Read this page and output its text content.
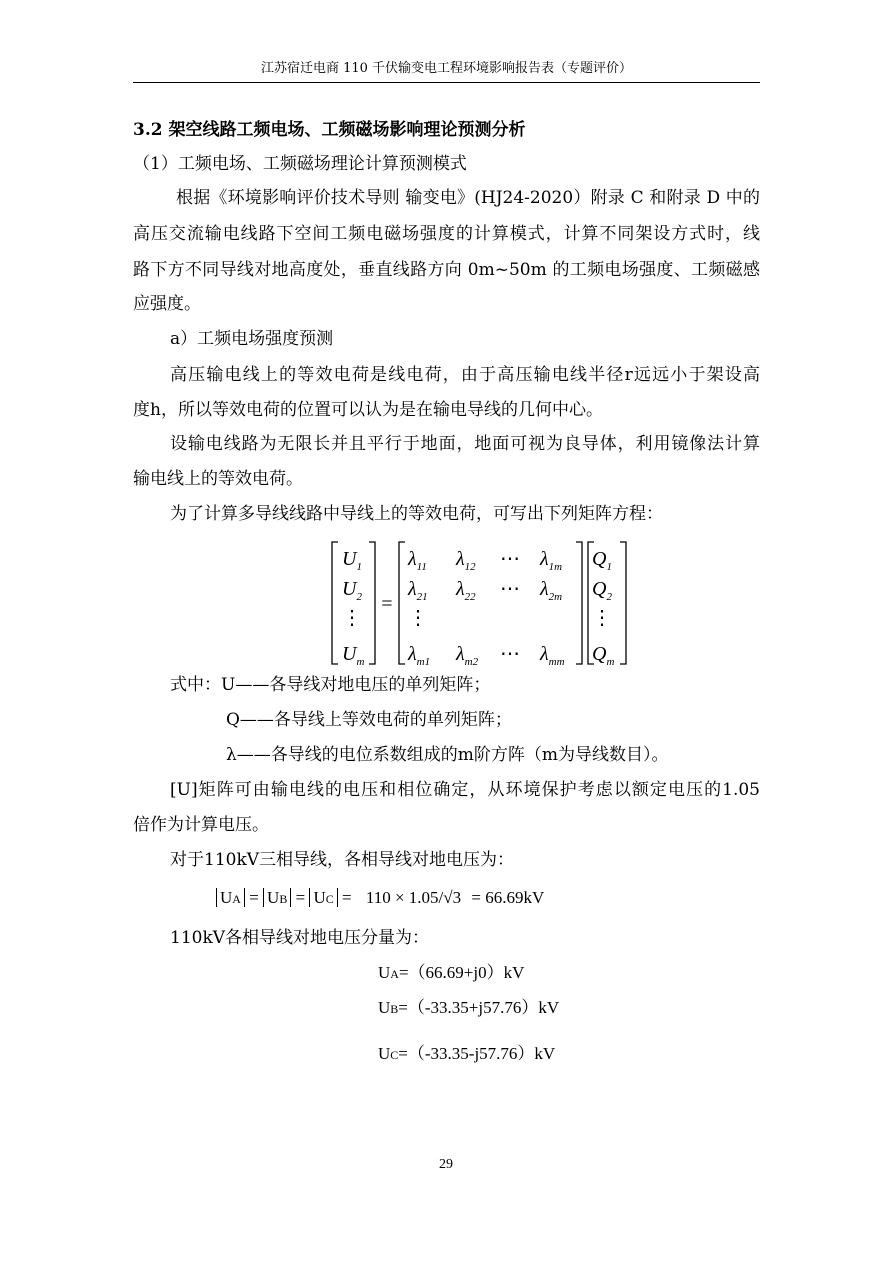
江苏宿迁电商 110 千伏输变电工程环境影响报告表（专题评价）
3.2 架空线路工频电场、工频磁场影响理论预测分析
（1）工频电场、工频磁场理论计算预测模式
根据《环境影响评价技术导则 输变电》(HJ24-2020）附录 C 和附录 D 中的
高压交流输电线路下空间工频电磁场强度的计算模式，计算不同架设方式时，线
路下方不同导线对地高度处，垂直线路方向 0m~50m 的工频电场强度、工频磁感
应强度。
a）工频电场强度预测
高压输电线上的等效电荷是线电荷，由于高压输电线半径r远远小于架设高
度h，所以等效电荷的位置可以认为是在输电导线的几何中心。
设输电线路为无限长并且平行于地面，地面可视为良导体，利用镜像法计算
输电线上的等效电荷。
为了计算多导线线路中导线上的等效电荷，可写出下列矩阵方程：
=
$U_1$
$U_2$
⋮
$U_m$
$\lambda_{11}$ $\lambda_{12}$ ⋯ $\lambda_{1m}$
$\lambda_{21}$ $\lambda_{22}$ ⋯ $\lambda_{2m}$
⋮
$\lambda_{m1}$ $\lambda_{m2}$ ⋯ $\lambda_{mm}$
$Q_1$
$Q_2$
⋮
$Q_m$
式中：U——各导线对地电压的单列矩阵；
Q——各导线上等效电荷的单列矩阵；
λ——各导线的电位系数组成的m阶方阵（m为导线数目）。
[U]矩阵可由输电线的电压和相位确定，从环境保护考虑以额定电压的1.05
倍作为计算电压。
对于110kV三相导线，各相导线对地电压为：
UA = UB = UC = 110 × 1.05/√3 = 66.69kV
110kV各相导线对地电压分量为：
UA=（66.69+j0）kV
UB=（-33.35+j57.76）kV
UC=（-33.35-j57.76）kV
29
